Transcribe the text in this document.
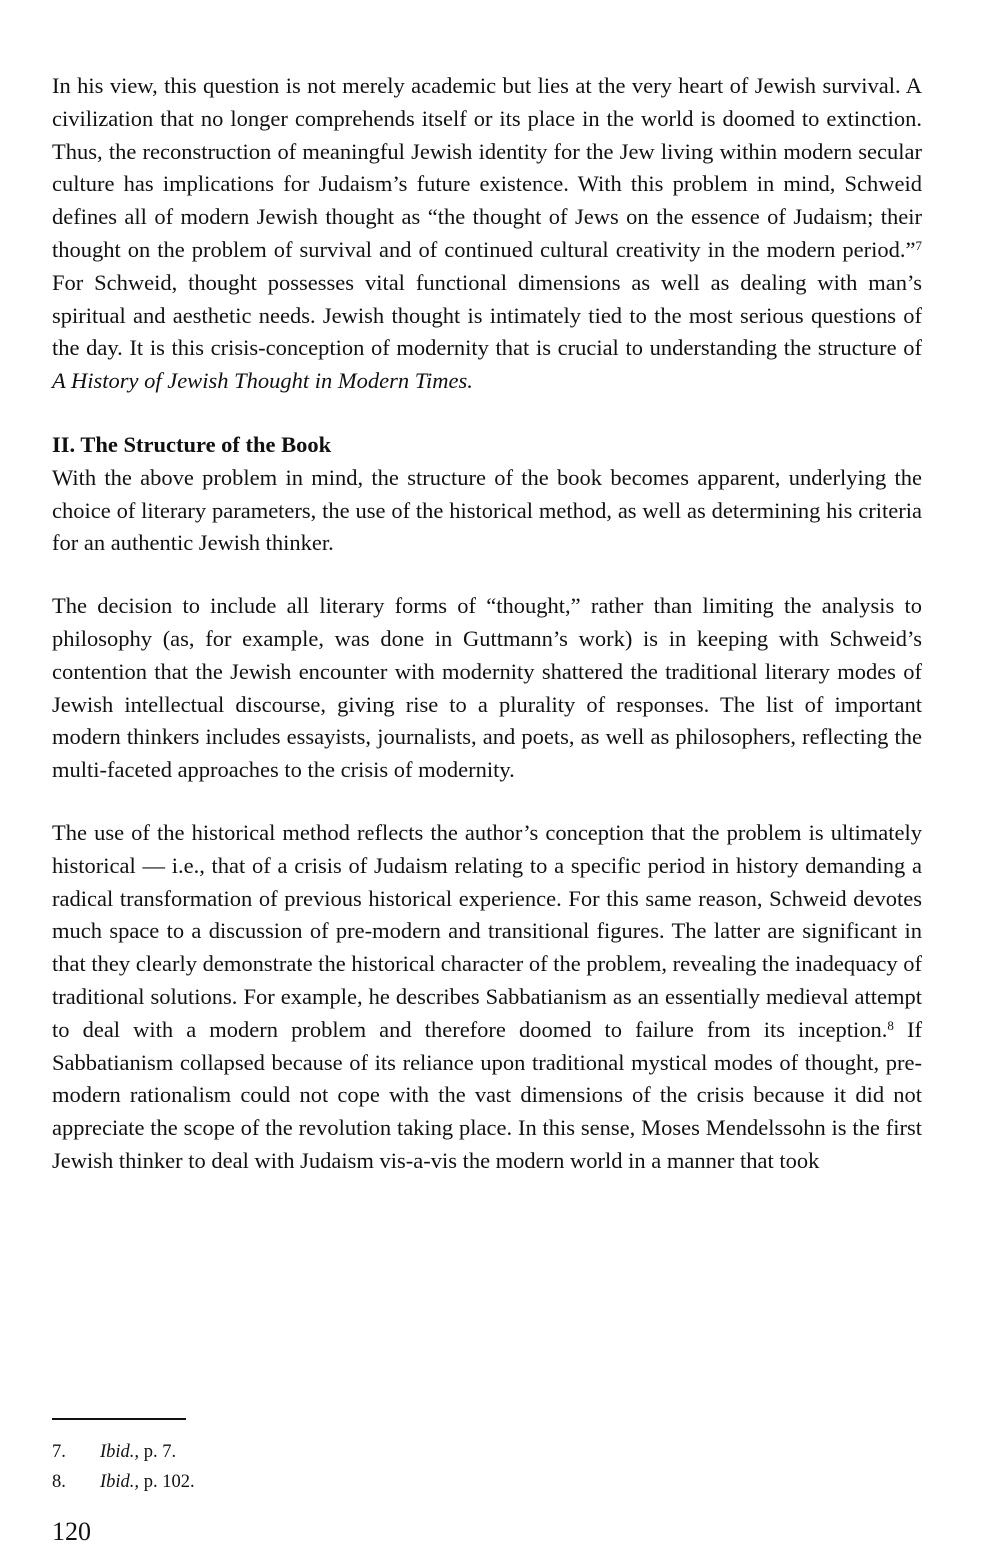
In his view, this question is not merely academic but lies at the very heart of Jewish survival. A civilization that no longer comprehends itself or its place in the world is doomed to extinction. Thus, the reconstruction of meaningful Jewish identity for the Jew living within modern secular culture has implications for Judaism’s future existence. With this problem in mind, Schweid defines all of modern Jewish thought as “the thought of Jews on the essence of Judaism; their thought on the problem of survival and of continued cultural creativity in the modern period.”$^7$ For Schweid, thought possesses vital functional dimensions as well as dealing with man’s spiritual and aesthetic needs. Jewish thought is intimately tied to the most serious questions of the day. It is this crisis-conception of modernity that is crucial to understanding the structure of A History of Jewish Thought in Modern Times.

II. The Structure of the Book

With the above problem in mind, the structure of the book becomes apparent, underlying the choice of literary parameters, the use of the historical method, as well as determining his criteria for an authentic Jewish thinker.

The decision to include all literary forms of “thought,” rather than limiting the analysis to philosophy (as, for example, was done in Guttmann’s work) is in keeping with Schweid’s contention that the Jewish encounter with modernity shattered the traditional literary modes of Jewish intellectual discourse, giving rise to a plurality of responses. The list of important modern thinkers includes essayists, journalists, and poets, as well as philosophers, reflecting the multi-faceted approaches to the crisis of modernity.

The use of the historical method reflects the author’s conception that the problem is ultimately historical — i.e., that of a crisis of Judaism relating to a specific period in history demanding a radical transformation of previous historical experience. For this same reason, Schweid devotes much space to a discussion of pre-modern and transitional figures. The latter are significant in that they clearly demonstrate the historical character of the problem, revealing the inadequacy of traditional solutions. For example, he describes Sabbatianism as an essentially medieval attempt to deal with a modern problem and therefore doomed to failure from its inception.$^8$ If Sabbatianism collapsed because of its reliance upon traditional mystical modes of thought, pre-modern rationalism could not cope with the vast dimensions of the crisis because it did not appreciate the scope of the revolution taking place. In this sense, Moses Mendelssohn is the first Jewish thinker to deal with Judaism vis-a-vis the modern world in a manner that took

7.	Ibid., p. 7.
8.	Ibid., p. 102.
120
